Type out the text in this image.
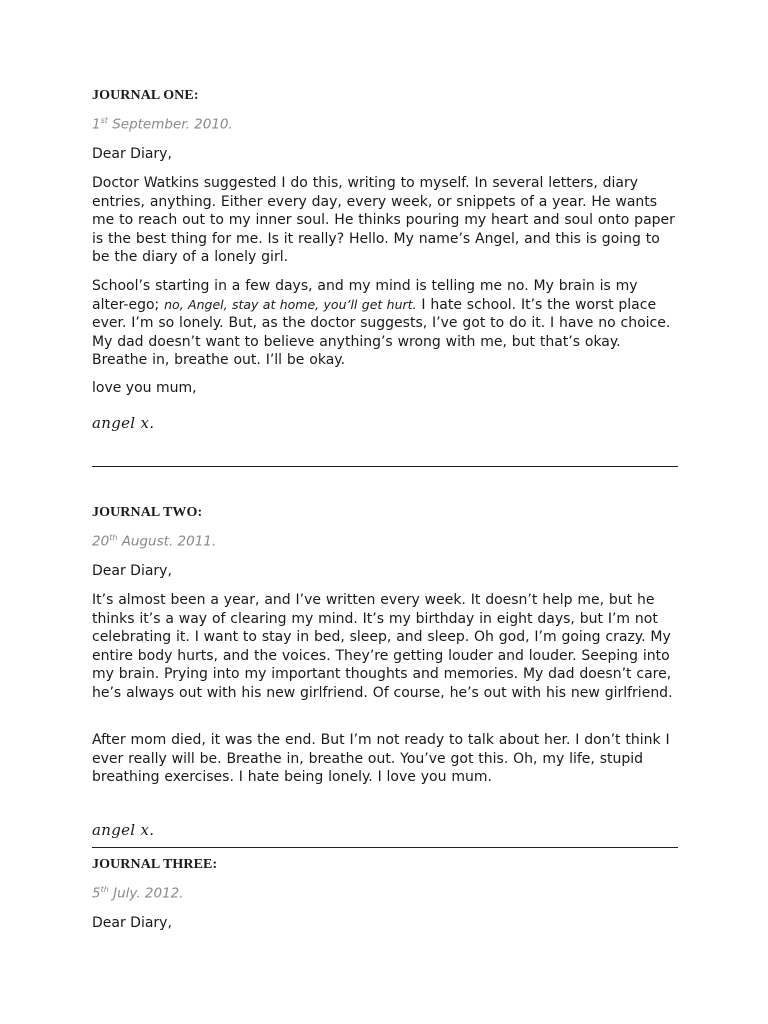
JOURNAL ONE:
1st September. 2010.
Dear Diary,

Doctor Watkins suggested I do this, writing to myself. In several letters, diary entries, anything. Either every day, every week, or snippets of a year. He wants me to reach out to my inner soul. He thinks pouring my heart and soul onto paper is the best thing for me. Is it really? Hello. My name’s Angel, and this is going to be the diary of a lonely girl.

School’s starting in a few days, and my mind is telling me no. My brain is my alter-ego; no, Angel, stay at home, you’ll get hurt. I hate school. It’s the worst place ever. I’m so lonely. But, as the doctor suggests, I’ve got to do it. I have no choice. My dad doesn’t want to believe anything’s wrong with me, but that’s okay. Breathe in, breathe out. I’ll be okay.

love you mum,
angel x.
JOURNAL TWO:
20th August. 2011.
Dear Diary,

It’s almost been a year, and I’ve written every week. It doesn’t help me, but he thinks it’s a way of clearing my mind. It’s my birthday in eight days, but I’m not celebrating it. I want to stay in bed, sleep, and sleep. Oh god, I’m going crazy. My entire body hurts, and the voices. They’re getting louder and louder. Seeping into my brain. Prying into my important thoughts and memories. My dad doesn’t care, he’s always out with his new girlfriend. Of course, he’s out with his new girlfriend.

After mom died, it was the end. But I’m not ready to talk about her. I don’t think I ever really will be. Breathe in, breathe out. You’ve got this. Oh, my life, stupid breathing exercises. I hate being lonely. I love you mum.

angel x.
JOURNAL THREE:
5th July. 2012.
Dear Diary,
